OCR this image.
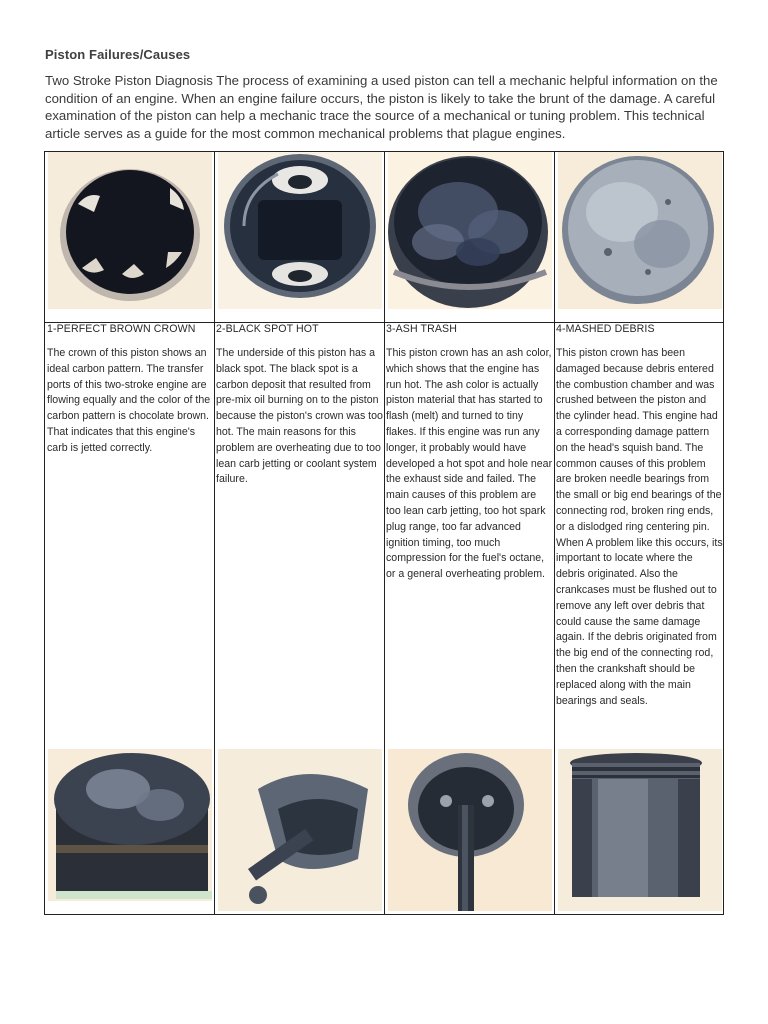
Piston Failures/Causes
Two Stroke Piston Diagnosis The process of examining a used piston can tell a mechanic helpful information on the condition of an engine. When an engine failure occurs, the piston is likely to take the brunt of the damage. A careful examination of the piston can help a mechanic trace the source of a mechanical or tuning problem. This technical article serves as a guide for the most common mechanical problems that plague engines.
1-PERFECT BROWN CROWN
The crown of this piston shows an ideal carbon pattern. The transfer ports of this two-stroke engine are flowing equally and the color of the carbon pattern is chocolate brown. That indicates that this engine's carb is jetted correctly.
2-BLACK SPOT HOT
The underside of this piston has a black spot. The black spot is a carbon deposit that resulted from pre-mix oil burning on to the piston because the piston's crown was too hot. The main reasons for this problem are overheating due to too lean carb jetting or coolant system failure.
3-ASH TRASH
This piston crown has an ash color, which shows that the engine has run hot. The ash color is actually piston material that has started to flash (melt) and turned to tiny flakes. If this engine was run any longer, it probably would have developed a hot spot and hole near the exhaust side and failed. The main causes of this problem are too lean carb jetting, too hot spark plug range, too far advanced ignition timing, too much compression for the fuel's octane, or a general overheating problem.
4-MASHED DEBRIS
This piston crown has been damaged because debris entered the combustion chamber and was crushed between the piston and the cylinder head. This engine had a corresponding damage pattern on the head's squish band. The common causes of this problem are broken needle bearings from the small or big end bearings of the connecting rod, broken ring ends, or a dislodged ring centering pin. When A problem like this occurs, its important to locate where the debris originated. Also the crankcases must be flushed out to remove any left over debris that could cause the same damage again. If the debris originated from the big end of the connecting rod, then the crankshaft should be replaced along with the main bearings and seals.
